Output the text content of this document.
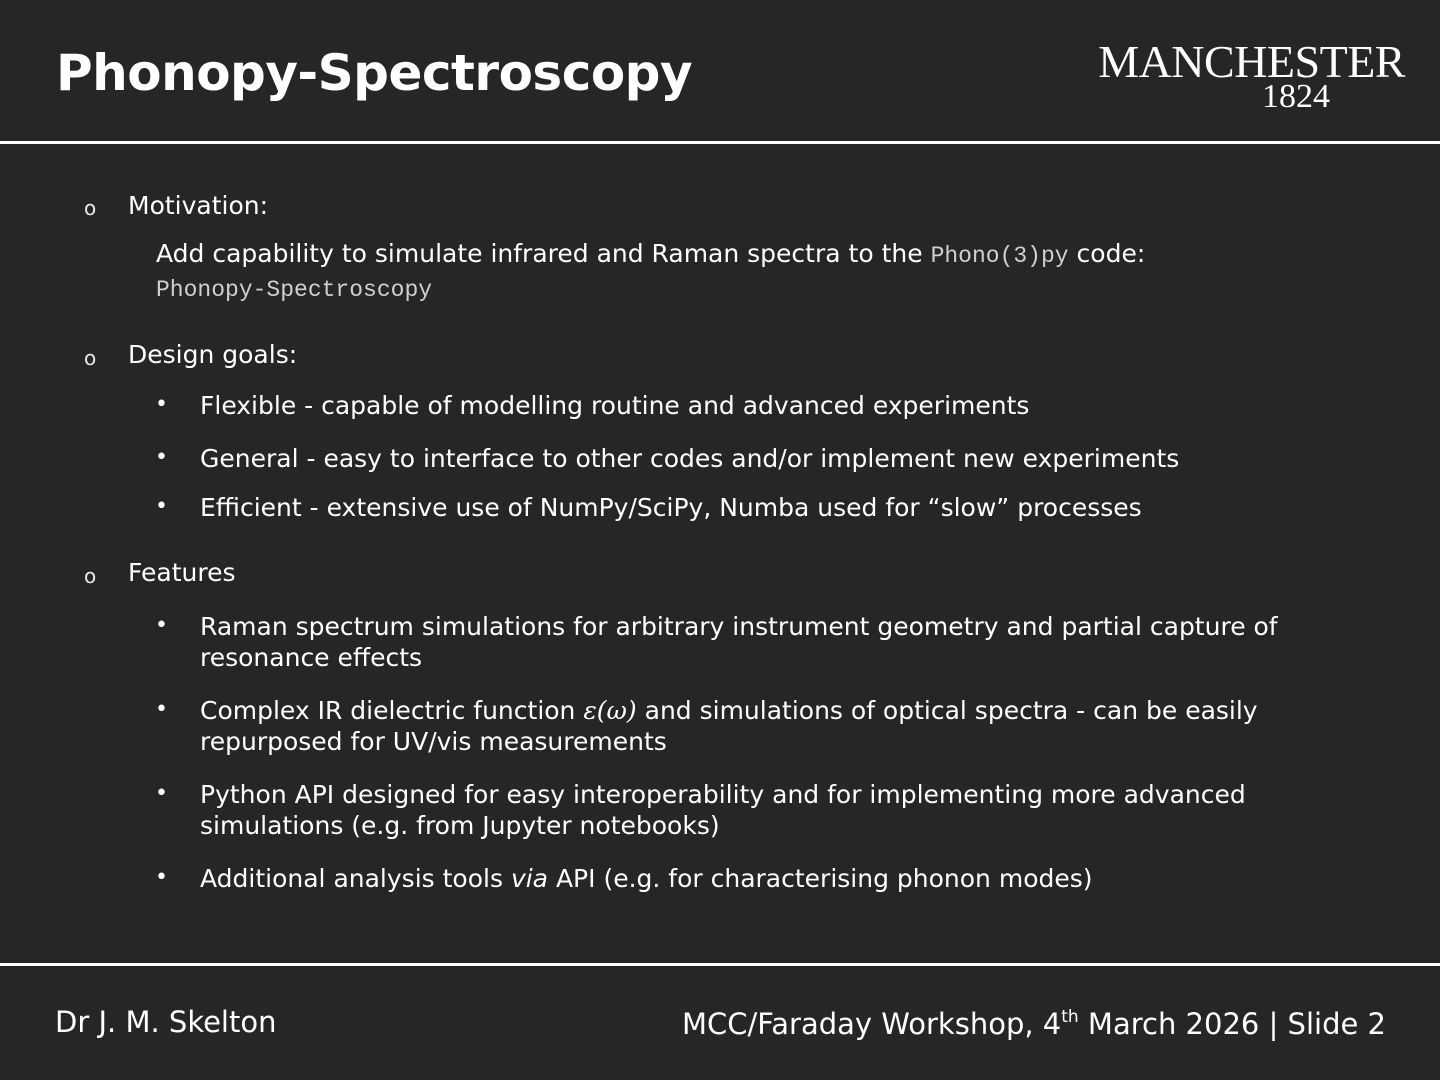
Phonopy-Spectroscopy	MANCHESTER
1824
o Motivation:
Add capability to simulate infrared and Raman spectra to the Phono(3)py code:
Phonopy-Spectroscopy
o Design goals:
• Flexible - capable of modelling routine and advanced experiments
• General - easy to interface to other codes and/or implement new experiments
• Efficient - extensive use of NumPy/SciPy, Numba used for “slow” processes
o Features
• Raman spectrum simulations for arbitrary instrument geometry and partial capture of resonance effects
• Complex IR dielectric function ε(ω) and simulations of optical spectra - can be easily repurposed for UV/vis measurements
• Python API designed for easy interoperability and for implementing more advanced simulations (e.g. from Jupyter notebooks)
• Additional analysis tools via API (e.g. for characterising phonon modes)
Dr J. M. Skelton	MCC/Faraday Workshop, 4th March 2026 | Slide 2
